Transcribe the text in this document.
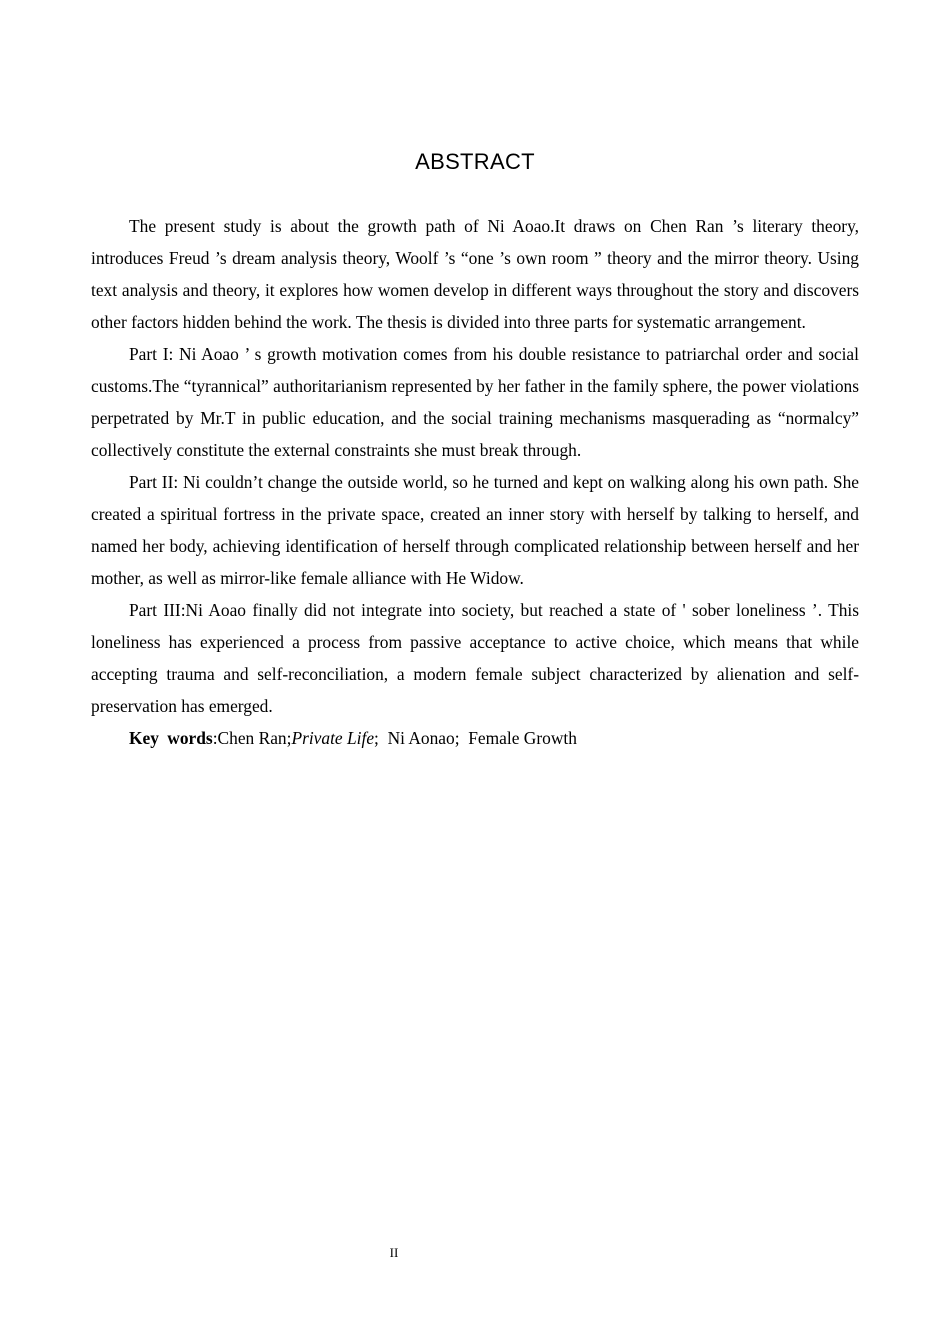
ABSTRACT

The present study is about the growth path of Ni Aoao.It draws on Chen Ran ’s literary theory, introduces Freud ’s dream analysis theory, Woolf ’s “one ’s own room ” theory and the mirror theory. Using text analysis and theory, it explores how women develop in different ways throughout the story and discovers other factors hidden behind the work. The thesis is divided into three parts for systematic arrangement.

Part I: Ni Aoao ’ s growth motivation comes from his double resistance to patriarchal order and social customs.The “tyrannical” authoritarianism represented by her father in the family sphere, the power violations perpetrated by Mr.T in public education, and the social training mechanisms masquerading as “normalcy” collectively constitute the external constraints she must break through.

Part II: Ni couldn’t change the outside world, so he turned and kept on walking along his own path. She created a spiritual fortress in the private space, created an inner story with herself by talking to herself, and named her body, achieving identification of herself through complicated relationship between herself and her mother, as well as mirror-like female alliance with He Widow.

Part III:Ni Aoao finally did not integrate into society, but reached a state of ' sober loneliness ’. This loneliness has experienced a process from passive acceptance to active choice, which means that while accepting trauma and self-reconciliation, a modern female subject characterized by alienation and self-preservation has emerged.

Key words:Chen Ran;Private Life;  Ni Aonao;  Female Growth

II
